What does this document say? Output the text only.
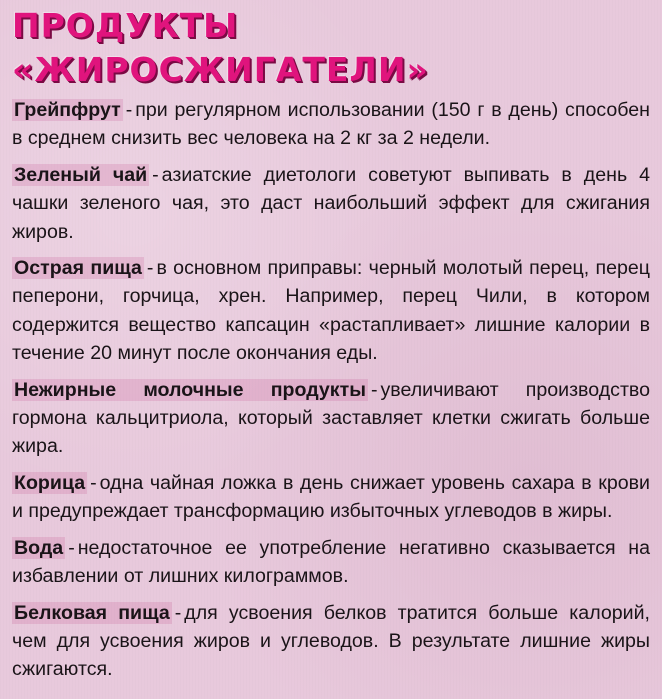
ПРОДУКТЫ
«ЖИРОСЖИГАТЕЛИ»

Грейпфрут - при регулярном использовании (150 г в день) способен в среднем снизить вес человека на 2 кг за 2 недели.

Зеленый чай - азиатские диетологи советуют выпивать в день 4 чашки зеленого чая, это даст наибольший эффект для сжигания жиров.

Острая пища - в основном приправы: черный молотый перец, перец пеперони, горчица, хрен. Например, перец Чили, в котором содержится вещество капсацин «растапливает» лишние калории в течение 20 минут после окончания еды.

Нежирные молочные продукты - увеличивают производство гормона кальцитриола, который заставляет клетки сжигать больше жира.

Корица - одна чайная ложка в день снижает уровень сахара в крови и предупреждает трансформацию избыточных углеводов в жиры.

Вода - недостаточное ее употребление негативно сказывается на избавлении от лишних килограммов.

Белковая пища - для усвоения белков тратится больше калорий, чем для усвоения жиров и углеводов. В результате лишние жиры сжигаются.
